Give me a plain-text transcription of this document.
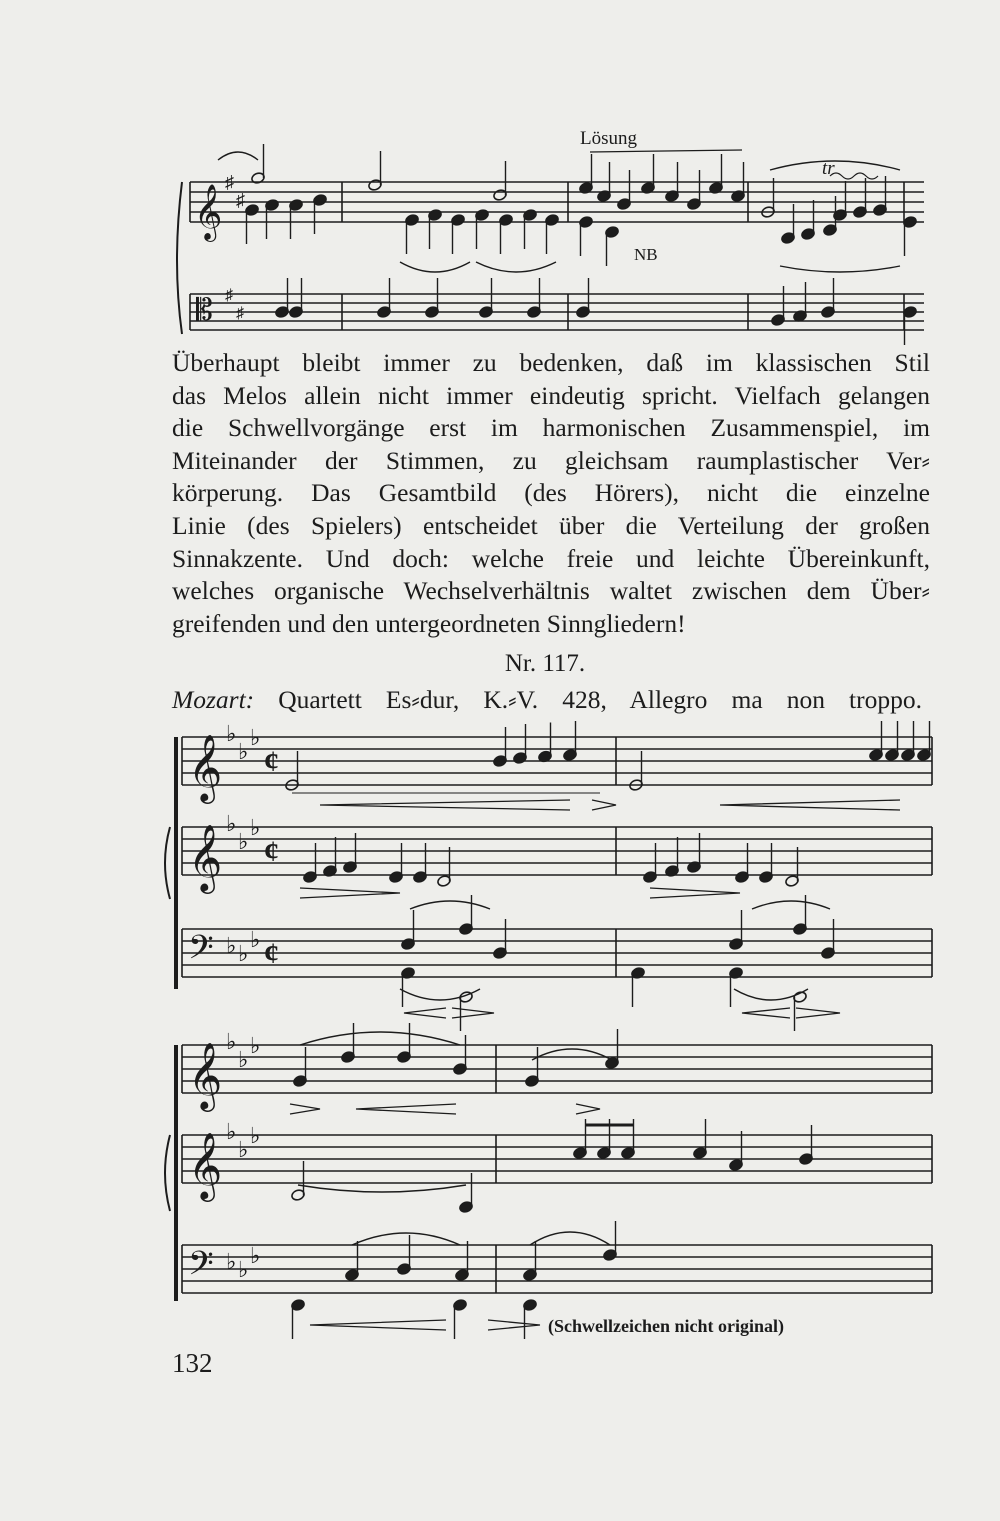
𝄞
𝄡
♯
♯
♯
♯
Lösung
NB
tr
Überhaupt bleibt immer zu bedenken, daß im klassischen Stil
das Melos allein nicht immer eindeutig spricht. Vielfach gelangen
die Schwellvorgänge erst im harmonischen Zusammenspiel, im
Miteinander der Stimmen, zu gleichsam raumplastischer Ver⸗
körperung. Das Gesamtbild (des Hörers), nicht die einzelne
Linie (des Spielers) entscheidet über die Verteilung der großen
Sinnakzente. Und doch: welche freie und leichte Übereinkunft,
welches organische Wechselverhältnis waltet zwischen dem Über⸗
greifenden und den untergeordneten Sinngliedern!
Nr. 117.
Mozart: Quartett Es⸗dur, K.⸗V. 428, Allegro ma non troppo.
𝄞 ♭
♭
♭
¢
𝄞 ♭
♭
♭
¢
𝄢 ♭ ♭
♭ ¢
𝄞 ♭
♭
♭
𝄞 ♭
♭
♭
𝄢 ♭ ♭
♭
(Schwellzeichen nicht original)
132
